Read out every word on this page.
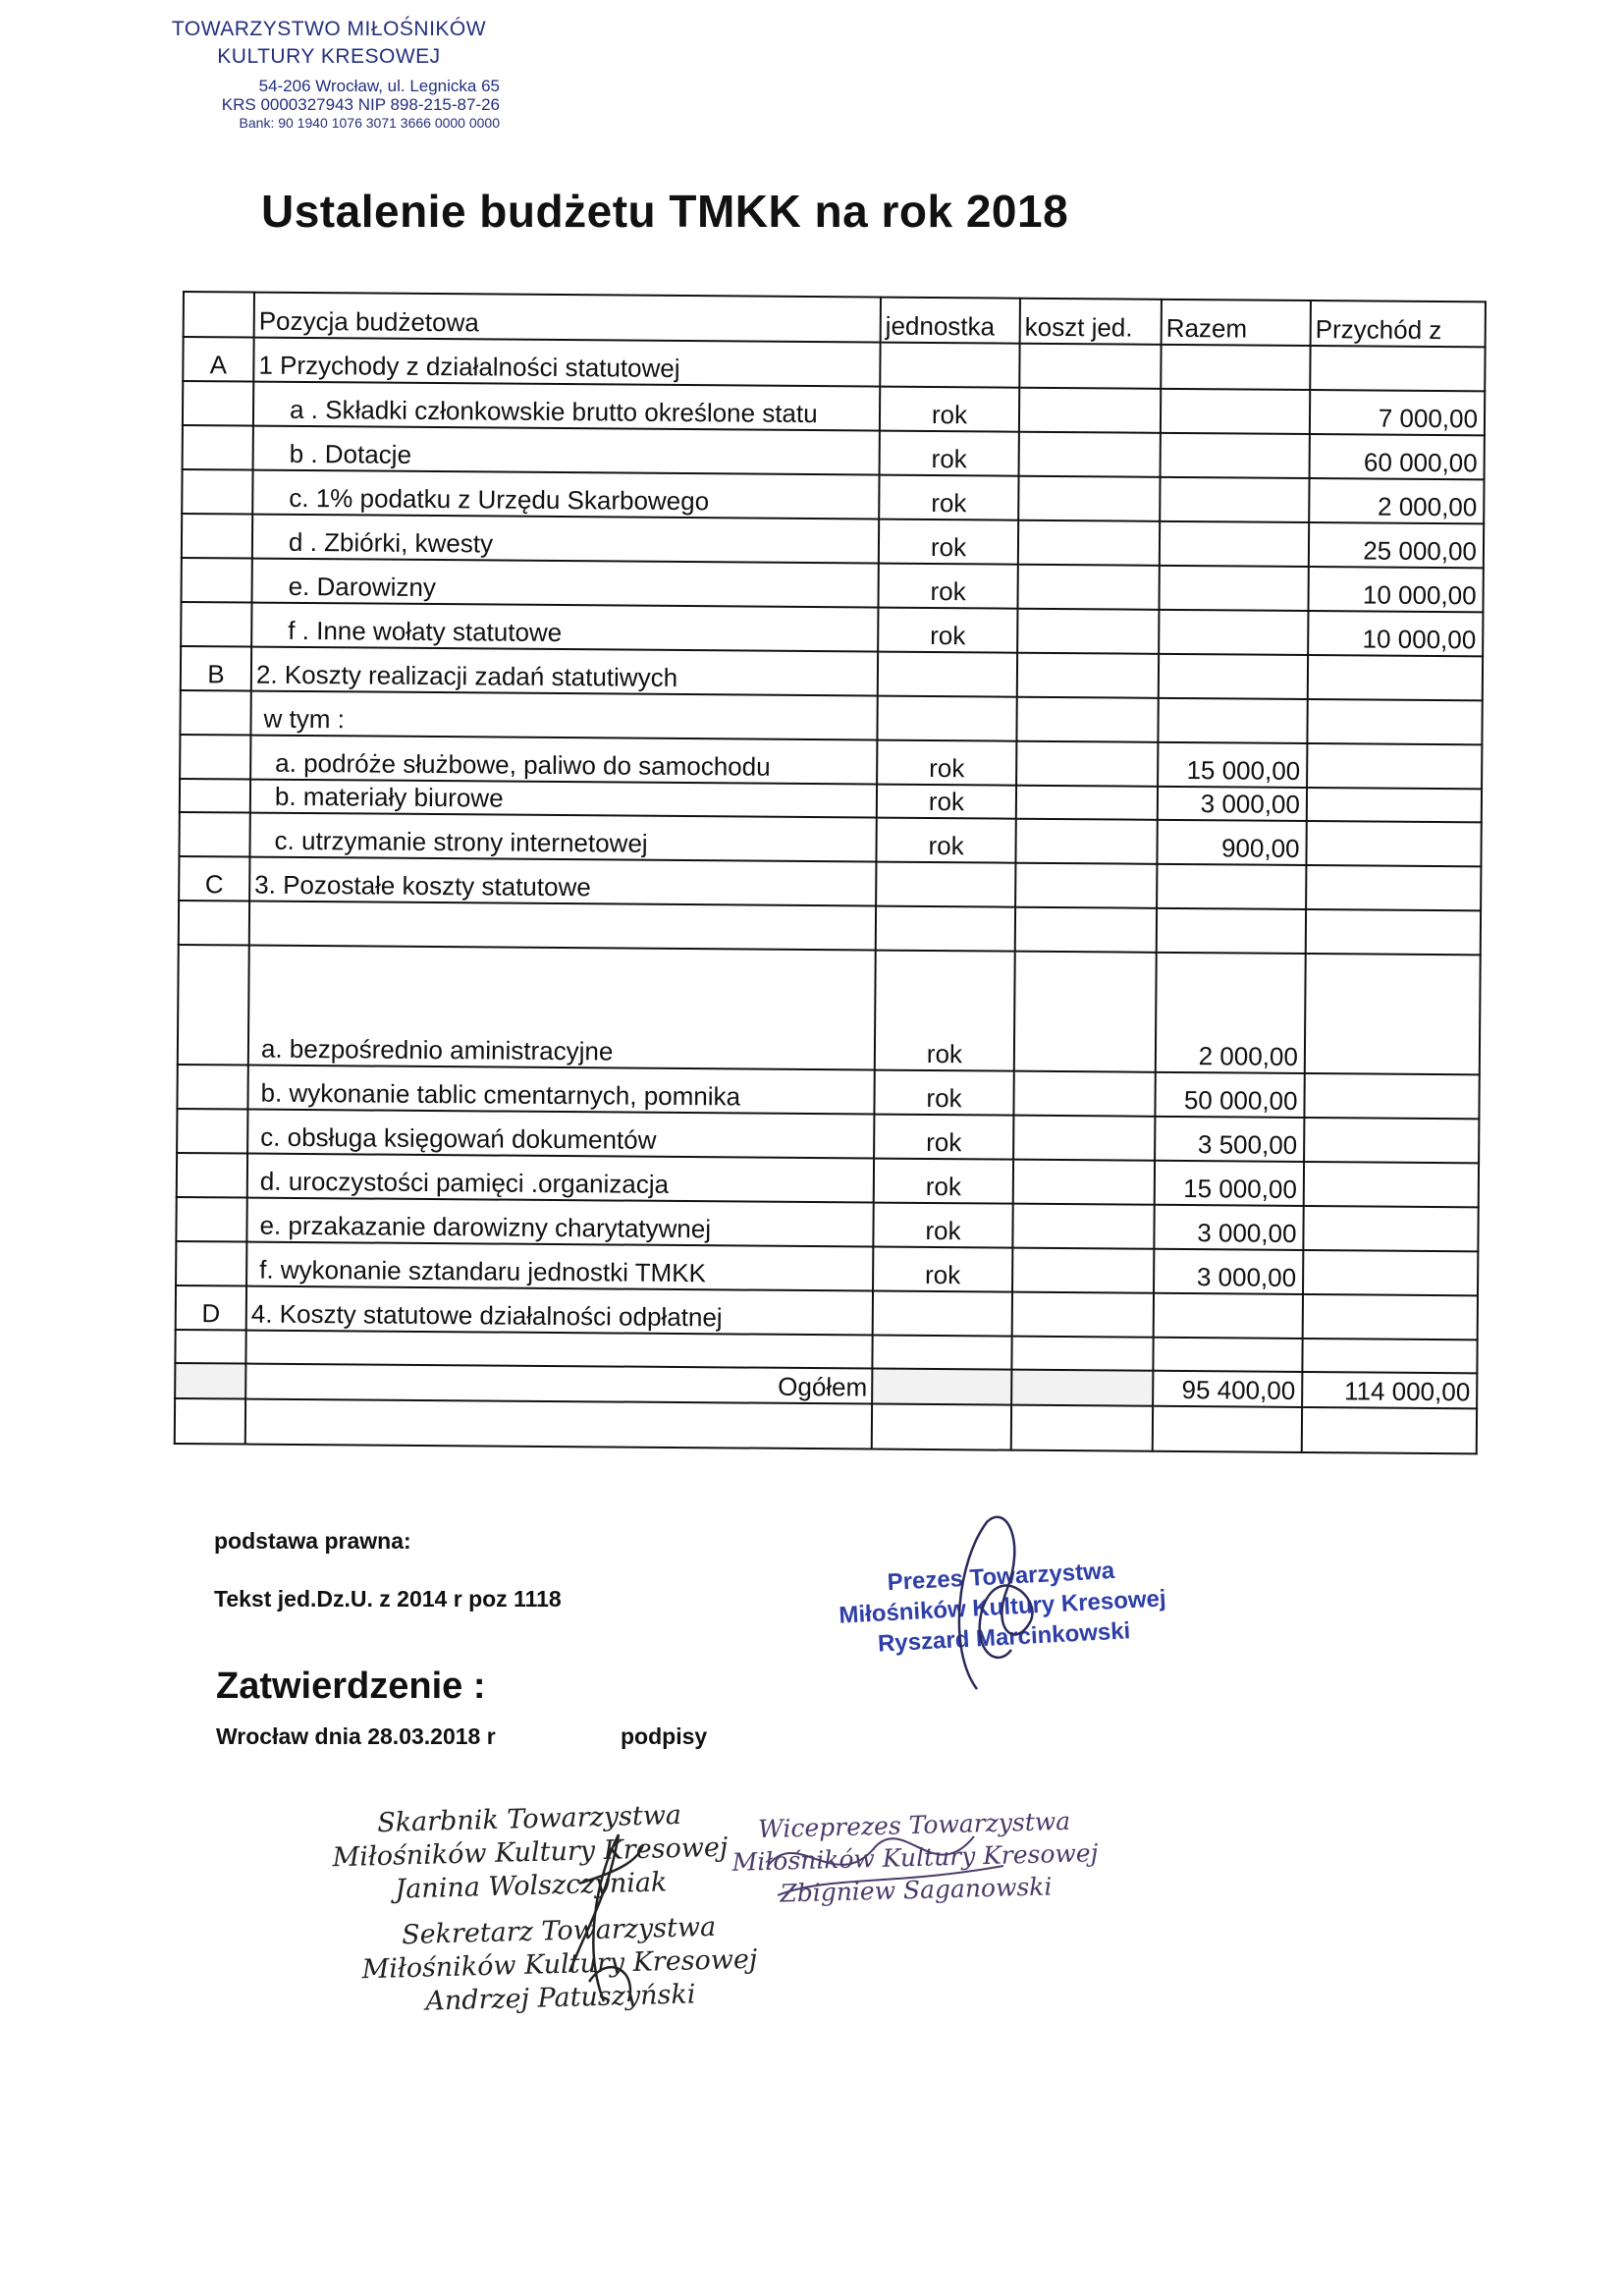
TOWARZYSTWO MIŁOŚNIKÓW
KULTURY KRESOWEJ
54-206 Wrocław, ul. Legnicka 65
KRS 0000327943 NIP 898-215-87-26
Bank: 90 1940 1076 3071 3666 0000 0000
Ustalenie budżetu TMKK na rok 2018
	Pozycja budżetowa	jednostka	koszt jed.	Razem	Przychód z
A	1 Przychody z działalności statutowej				
	a . Składki członkowskie brutto określone statu	rok			7 000,00
	b . Dotacje	rok			60 000,00
	c. 1% podatku z Urzędu Skarbowego	rok			2 000,00
	d . Zbiórki, kwesty	rok			25 000,00
	e. Darowizny	rok			10 000,00
	f . Inne wołaty statutowe	rok			10 000,00
B	2. Koszty realizacji zadań statutiwych				
	w tym :				
	a. podróże służbowe, paliwo do samochodu	rok		15 000,00	
	b. materiały biurowe	rok		3 000,00	
	c. utrzymanie strony internetowej	rok		900,00	
C	3. Pozostałe koszty statutowe				

	a. bezpośrednio aministracyjne	rok		2 000,00	
	b. wykonanie tablic cmentarnych, pomnika	rok		50 000,00	
	c. obsługa księgowań dokumentów	rok		3 500,00	
	d. uroczystości pamięci .organizacja	rok		15 000,00	
	e. przakazanie darowizny charytatywnej	rok		3 000,00	
	f. wykonanie sztandaru jednostki TMKK	rok		3 000,00	
D	4. Koszty statutowe działalności odpłatnej				

	Ogółem			95 400,00	114 000,00

podstawa prawna:
Tekst jed.Dz.U. z 2014 r poz 1118
Zatwierdzenie :
Wrocław dnia 28.03.2018 r	podpisy
Prezes Towarzystwa
Miłośników Kultury Kresowej
Ryszard Marcinkowski
Skarbnik Towarzystwa
Miłośników Kultury Kresowej
Janina Wolszczyniak
Sekretarz Towarzystwa
Miłośników Kultury Kresowej
Andrzej Patuszyński
Wiceprezes Towarzystwa
Miłośników Kultury Kresowej
Zbigniew Saganowski
